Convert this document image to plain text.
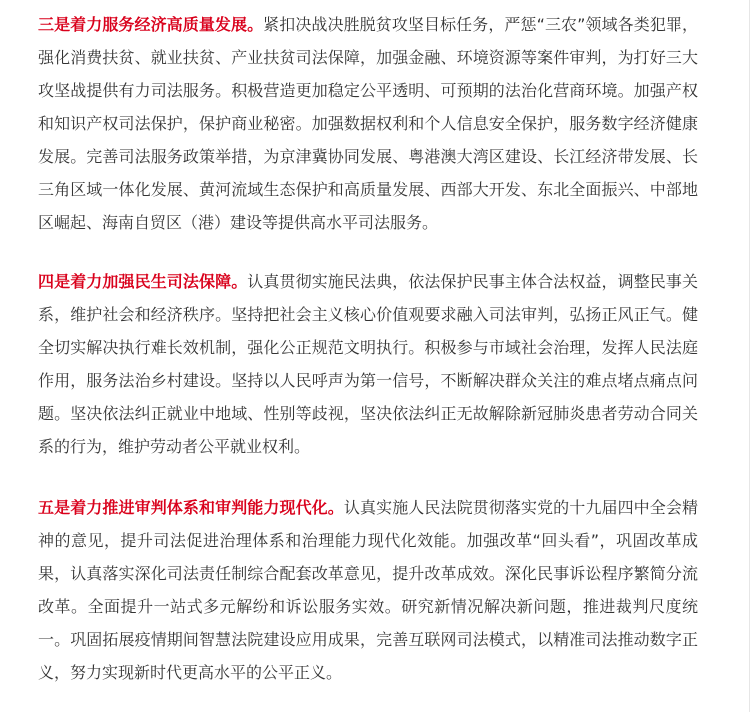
三是着力服务经济高质量发展。紧扣决战决胜脱贫攻坚目标任务，严惩“三农”领域各类犯罪，强化消费扶贫、就业扶贫、产业扶贫司法保障，加强金融、环境资源等案件审判，为打好三大攻坚战提供有力司法服务。积极营造更加稳定公平透明、可预期的法治化营商环境。加强产权和知识产权司法保护，保护商业秘密。加强数据权利和个人信息安全保护，服务数字经济健康发展。完善司法服务政策举措，为京津冀协同发展、粤港澳大湾区建设、长江经济带发展、长三角区域一体化发展、黄河流域生态保护和高质量发展、西部大开发、东北全面振兴、中部地区崛起、海南自贸区（港）建设等提供高水平司法服务。

四是着力加强民生司法保障。认真贯彻实施民法典，依法保护民事主体合法权益，调整民事关系，维护社会和经济秩序。坚持把社会主义核心价值观要求融入司法审判，弘扬正风正气。健全切实解决执行难长效机制，强化公正规范文明执行。积极参与市域社会治理，发挥人民法庭作用，服务法治乡村建设。坚持以人民呼声为第一信号，不断解决群众关注的难点堵点痛点问题。坚决依法纠正就业中地域、性别等歧视，坚决依法纠正无故解除新冠肺炎患者劳动合同关系的行为，维护劳动者公平就业权利。

五是着力推进审判体系和审判能力现代化。认真实施人民法院贯彻落实党的十九届四中全会精神的意见，提升司法促进治理体系和治理能力现代化效能。加强改革“回头看”，巩固改革成果，认真落实深化司法责任制综合配套改革意见，提升改革成效。深化民事诉讼程序繁简分流改革。全面提升一站式多元解纷和诉讼服务实效。研究新情况解决新问题，推进裁判尺度统一。巩固拓展疫情期间智慧法院建设应用成果，完善互联网司法模式，以精准司法推动数字正义，努力实现新时代更高水平的公平正义。
